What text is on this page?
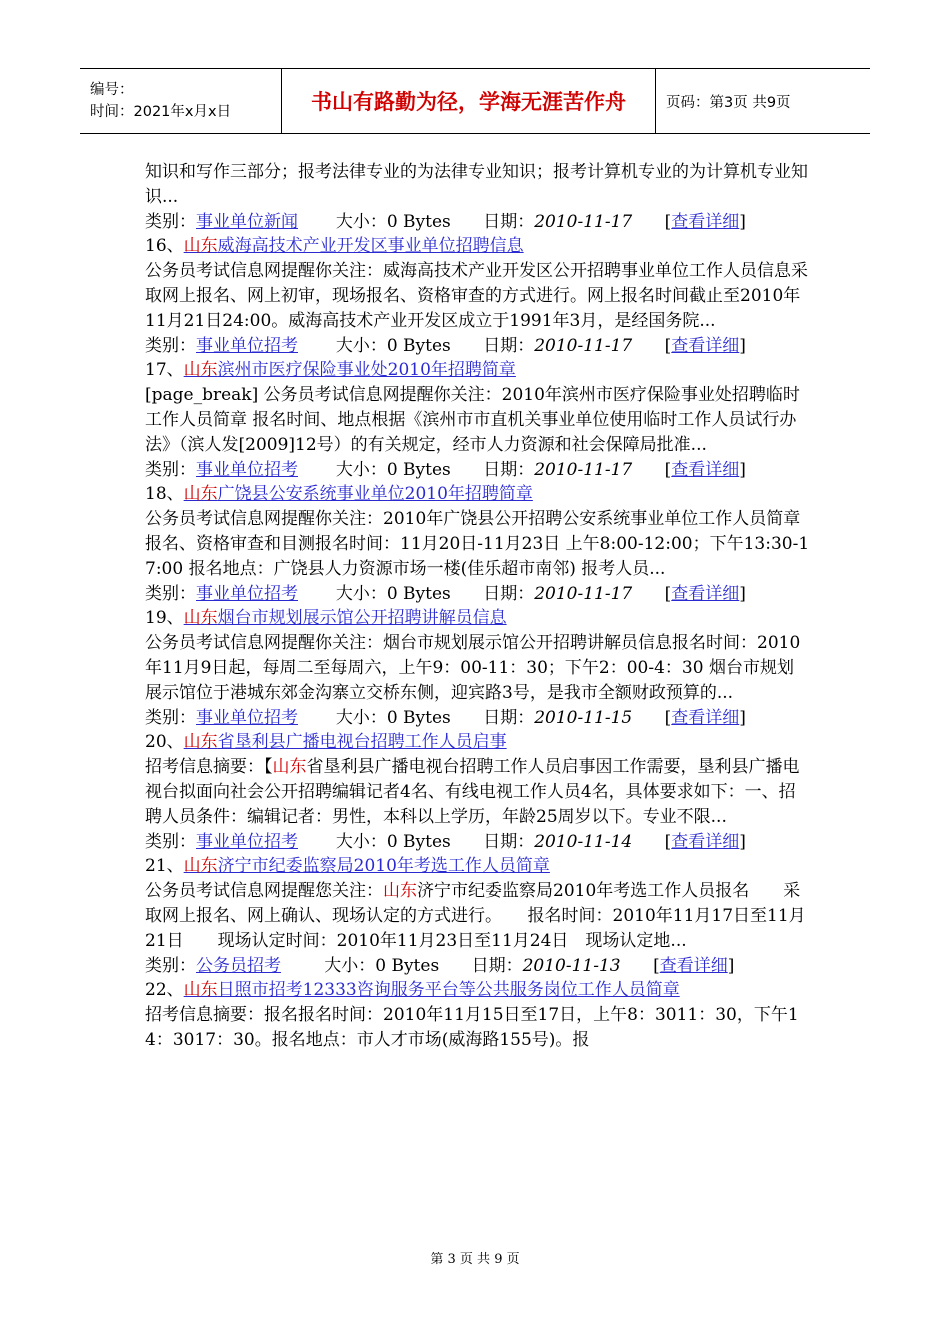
编号：
时间：2021年x月x日	书山有路勤为径，学海无涯苦作舟	页码：第3页 共9页

知识和写作三部分；报考法律专业的为法律专业知识；报考计算机专业的为计算机专业知识...

类别：事业单位新闻 大小：0 Bytes 日期：2010-11-17 [查看详细]

16、山东威海高技术产业开发区事业单位招聘信息

公务员考试信息网提醒你关注：威海高技术产业开发区公开招聘事业单位工作人员信息采取网上报名、网上初审，现场报名、资格审查的方式进行。网上报名时间截止至2010年11月21日24:00。威海高技术产业开发区成立于1991年3月，是经国务院...

类别：事业单位招考 大小：0 Bytes 日期：2010-11-17 [查看详细]

17、山东滨州市医疗保险事业处2010年招聘简章

[page_break] 公务员考试信息网提醒你关注：2010年滨州市医疗保险事业处招聘临时工作人员简章 报名时间、地点根据《滨州市市直机关事业单位使用临时工作人员试行办法》（滨人发[2009]12号）的有关规定，经市人力资源和社会保障局批准...

类别：事业单位招考 大小：0 Bytes 日期：2010-11-17 [查看详细]

18、山东广饶县公安系统事业单位2010年招聘简章

公务员考试信息网提醒你关注：2010年广饶县公开招聘公安系统事业单位工作人员简章 报名、资格审查和目测报名时间：11月20日-11月23日 上午8:00-12:00；下午13:30-17:00 报名地点：广饶县人力资源市场一楼(佳乐超市南邻) 报考人员...

类别：事业单位招考 大小：0 Bytes 日期：2010-11-17 [查看详细]

19、山东烟台市规划展示馆公开招聘讲解员信息

公务员考试信息网提醒你关注：烟台市规划展示馆公开招聘讲解员信息报名时间：2010年11月9日起，每周二至每周六，上午9：00-11：30；下午2：00-4：30 烟台市规划展示馆位于港城东郊金沟寨立交桥东侧，迎宾路3号，是我市全额财政预算的...

类别：事业单位招考 大小：0 Bytes 日期：2010-11-15 [查看详细]

20、山东省垦利县广播电视台招聘工作人员启事

招考信息摘要：【山东省垦利县广播电视台招聘工作人员启事因工作需要，垦利县广播电视台拟面向社会公开招聘编辑记者4名、有线电视工作人员4名，具体要求如下：一、招聘人员条件：编辑记者：男性，本科以上学历，年龄25周岁以下。专业不限...

类别：事业单位招考 大小：0 Bytes 日期：2010-11-14 [查看详细]

21、山东济宁市纪委监察局2010年考选工作人员简章

公务员考试信息网提醒您关注：山东济宁市纪委监察局2010年考选工作人员报名　　采取网上报名、网上确认、现场认定的方式进行。　　报名时间：2010年11月17日至11月21日　　现场认定时间：2010年11月23日至11月24日　现场认定地...

类别：公务员招考	大小：0 Bytes 日期：2010-11-13 [查看详细]

22、山东日照市招考12333咨询服务平台等公共服务岗位工作人员简章

招考信息摘要：报名报名时间：2010年11月15日至17日，上午8：3011：30，下午14：3017：30。报名地点：市人才市场(威海路155号)。报

第 3 页 共 9 页
